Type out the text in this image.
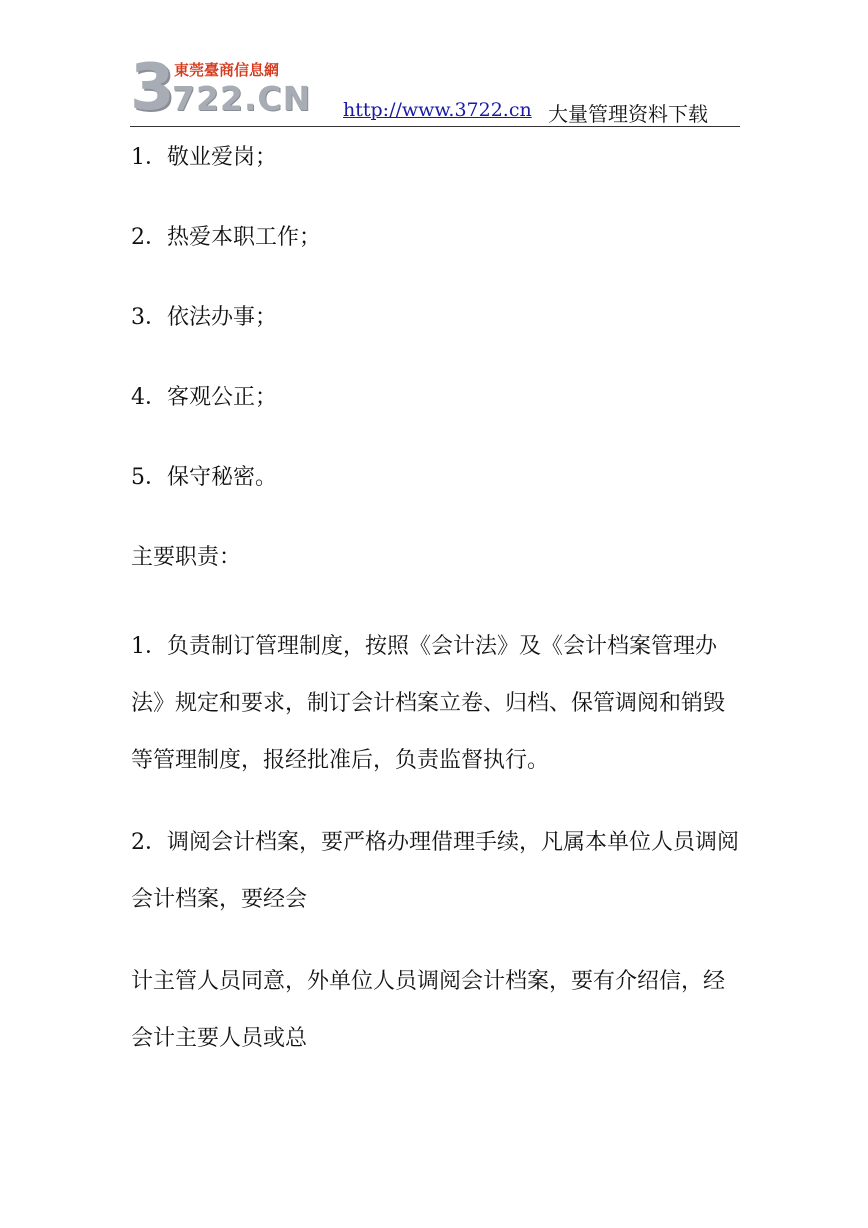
3 東莞臺商信息網
722.CN http://www.3722.cn 大量管理资料下载

1．敬业爱岗；

2．热爱本职工作；

3．依法办事；

4．客观公正；

5．保守秘密。

主要职责：

1．负责制订管理制度，按照《会计法》及《会计档案管理办法》规定和要求，制订会计档案立卷、归档、保管调阅和销毁等管理制度，报经批准后，负责监督执行。

2．调阅会计档案，要严格办理借理手续，凡属本单位人员调阅会计档案，要经会

计主管人员同意，外单位人员调阅会计档案，要有介绍信，经会计主要人员或总
